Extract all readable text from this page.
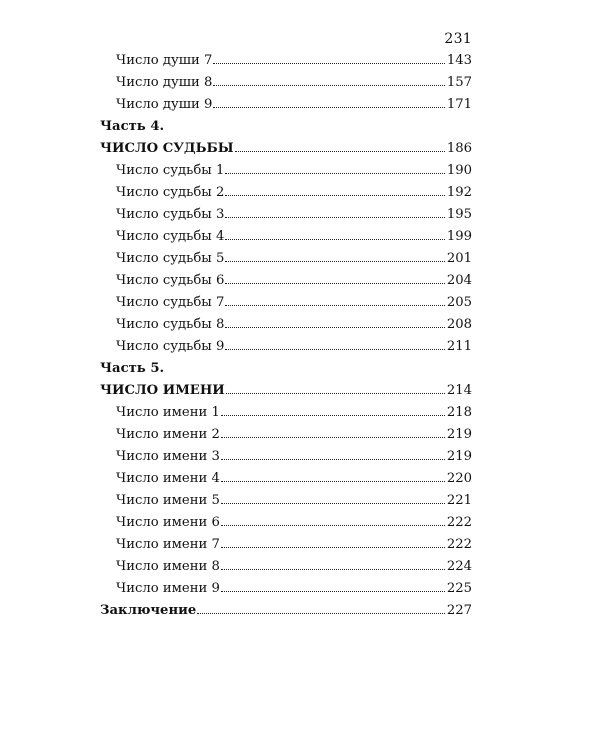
231
Число души 7	143
Число души 8	157
Число души 9	171
Часть 4.
ЧИСЛО СУДЬБЫ	186
Число судьбы 1	190
Число судьбы 2	192
Число судьбы 3	195
Число судьбы 4	199
Число судьбы 5	201
Число судьбы 6	204
Число судьбы 7	205
Число судьбы 8	208
Число судьбы 9	211
Часть 5.
ЧИСЛО ИМЕНИ	214
Число имени 1	218
Число имени 2	219
Число имени 3	219
Число имени 4	220
Число имени 5	221
Число имени 6	222
Число имени 7	222
Число имени 8	224
Число имени 9	225
Заключение	227
